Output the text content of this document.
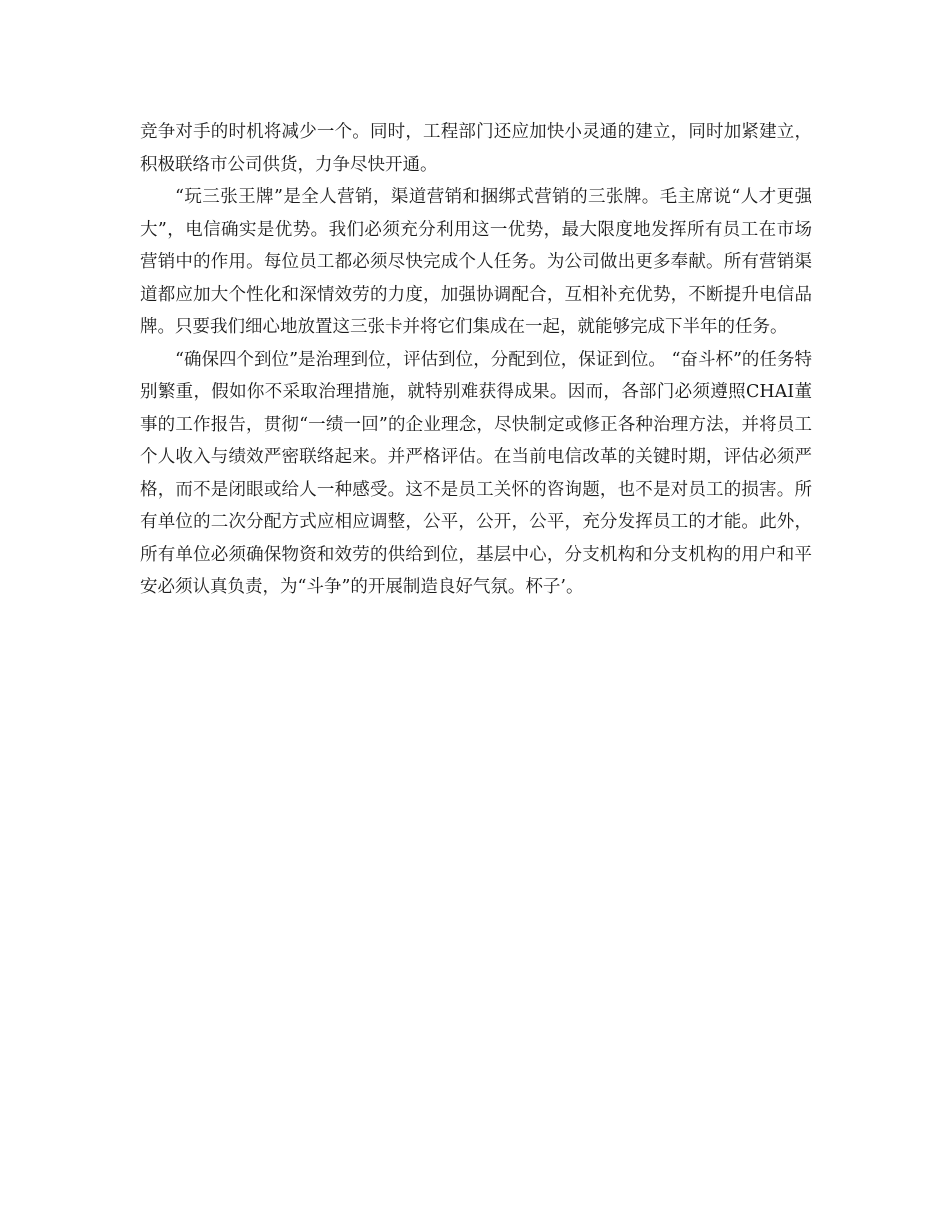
竞争对手的时机将减少一个。同时，工程部门还应加快小灵通的建立，同时加紧建立，积极联络市公司供货，力争尽快开通。

“玩三张王牌”是全人营销，渠道营销和捆绑式营销的三张牌。毛主席说“人才更强大”，电信确实是优势。我们必须充分利用这一优势，最大限度地发挥所有员工在市场营销中的作用。每位员工都必须尽快完成个人任务。为公司做出更多奉献。所有营销渠道都应加大个性化和深情效劳的力度，加强协调配合，互相补充优势，不断提升电信品牌。只要我们细心地放置这三张卡并将它们集成在一起，就能够完成下半年的任务。

“确保四个到位”是治理到位，评估到位，分配到位，保证到位。 “奋斗杯”的任务特别繁重，假如你不采取治理措施，就特别难获得成果。因而，各部门必须遵照CHAI董事的工作报告，贯彻“一绩一回”的企业理念，尽快制定或修正各种治理方法，并将员工个人收入与绩效严密联络起来。并严格评估。在当前电信改革的关键时期，评估必须严格，而不是闭眼或给人一种感受。这不是员工关怀的咨询题，也不是对员工的损害。所有单位的二次分配方式应相应调整，公平，公开，公平，充分发挥员工的才能。此外，所有单位必须确保物资和效劳的供给到位，基层中心，分支机构和分支机构的用户和平安必须认真负责，为“斗争”的开展制造良好气氛。杯子’。
